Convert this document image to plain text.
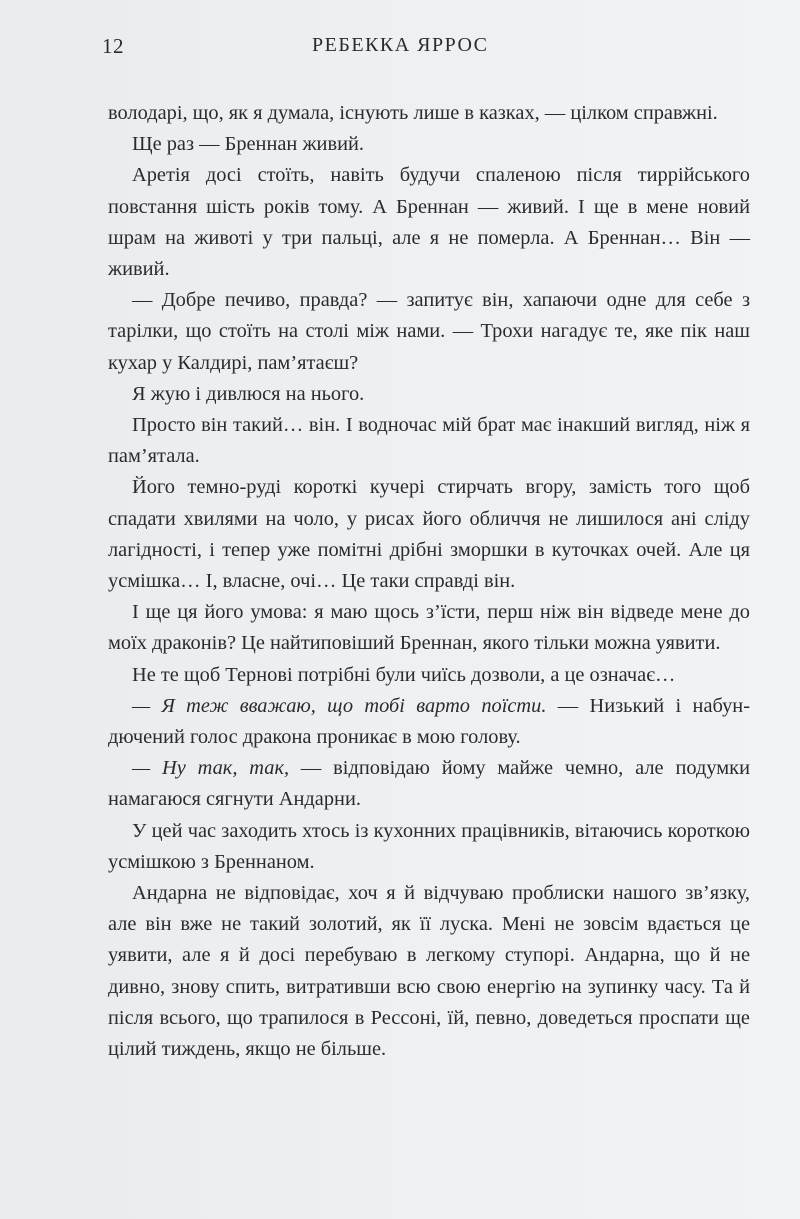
12	РЕБЕККА ЯРРОС

володарі, що, як я думала, існують лише в казках, — цілком справжні.

Ще раз — Бреннан живий.

Аретія досі стоїть, навіть будучи спаленою після тиррійського повстання шість років тому. А Бреннан — живий. І ще в мене новий шрам на животі у три пальці, але я не померла. А Бреннан… Він — живий.

— Добре печиво, правда? — запитує він, хапаючи одне для себе з тарілки, що стоїть на столі між нами. — Трохи нагадує те, яке пік наш кухар у Калдирі, пам’ятаєш?

Я жую і дивлюся на нього.

Просто він такий… він. І водночас мій брат має інакший вигляд, ніж я пам’ятала.

Його темно-руді короткі кучері стирчать вгору, замість того щоб спадати хвилями на чоло, у рисах його обличчя не лишилося ані сліду лагідності, і тепер уже помітні дрібні зморшки в куточках очей. Але ця усмішка… І, власне, очі… Це таки справді він.

І ще ця його умова: я маю щось з’їсти, перш ніж він відведе мене до моїх драконів? Це найтиповіший Бреннан, якого тільки можна уявити.

Не те щоб Тернові потрібні були чиїсь дозволи, а це означає…

— Я теж вважаю, що тобі варто поїсти. — Низький і набундючений голос дракона проникає в мою голову.

— Ну так, так, — відповідаю йому майже чемно, але подумки намагаюся сягнути Андарни.

У цей час заходить хтось із кухонних працівників, вітаючись короткою усмішкою з Бреннаном.

Андарна не відповідає, хоч я й відчуваю проблиски нашого зв’язку, але він вже не такий золотий, як її луска. Мені не зовсім вдається це уявити, але я й досі перебуваю в легкому ступорі. Андарна, що й не дивно, знову спить, витративши всю свою енергію на зупинку часу. Та й після всього, що трапилося в Рессоні, їй, певно, доведеться проспати ще цілий тиждень, якщо не більше.
